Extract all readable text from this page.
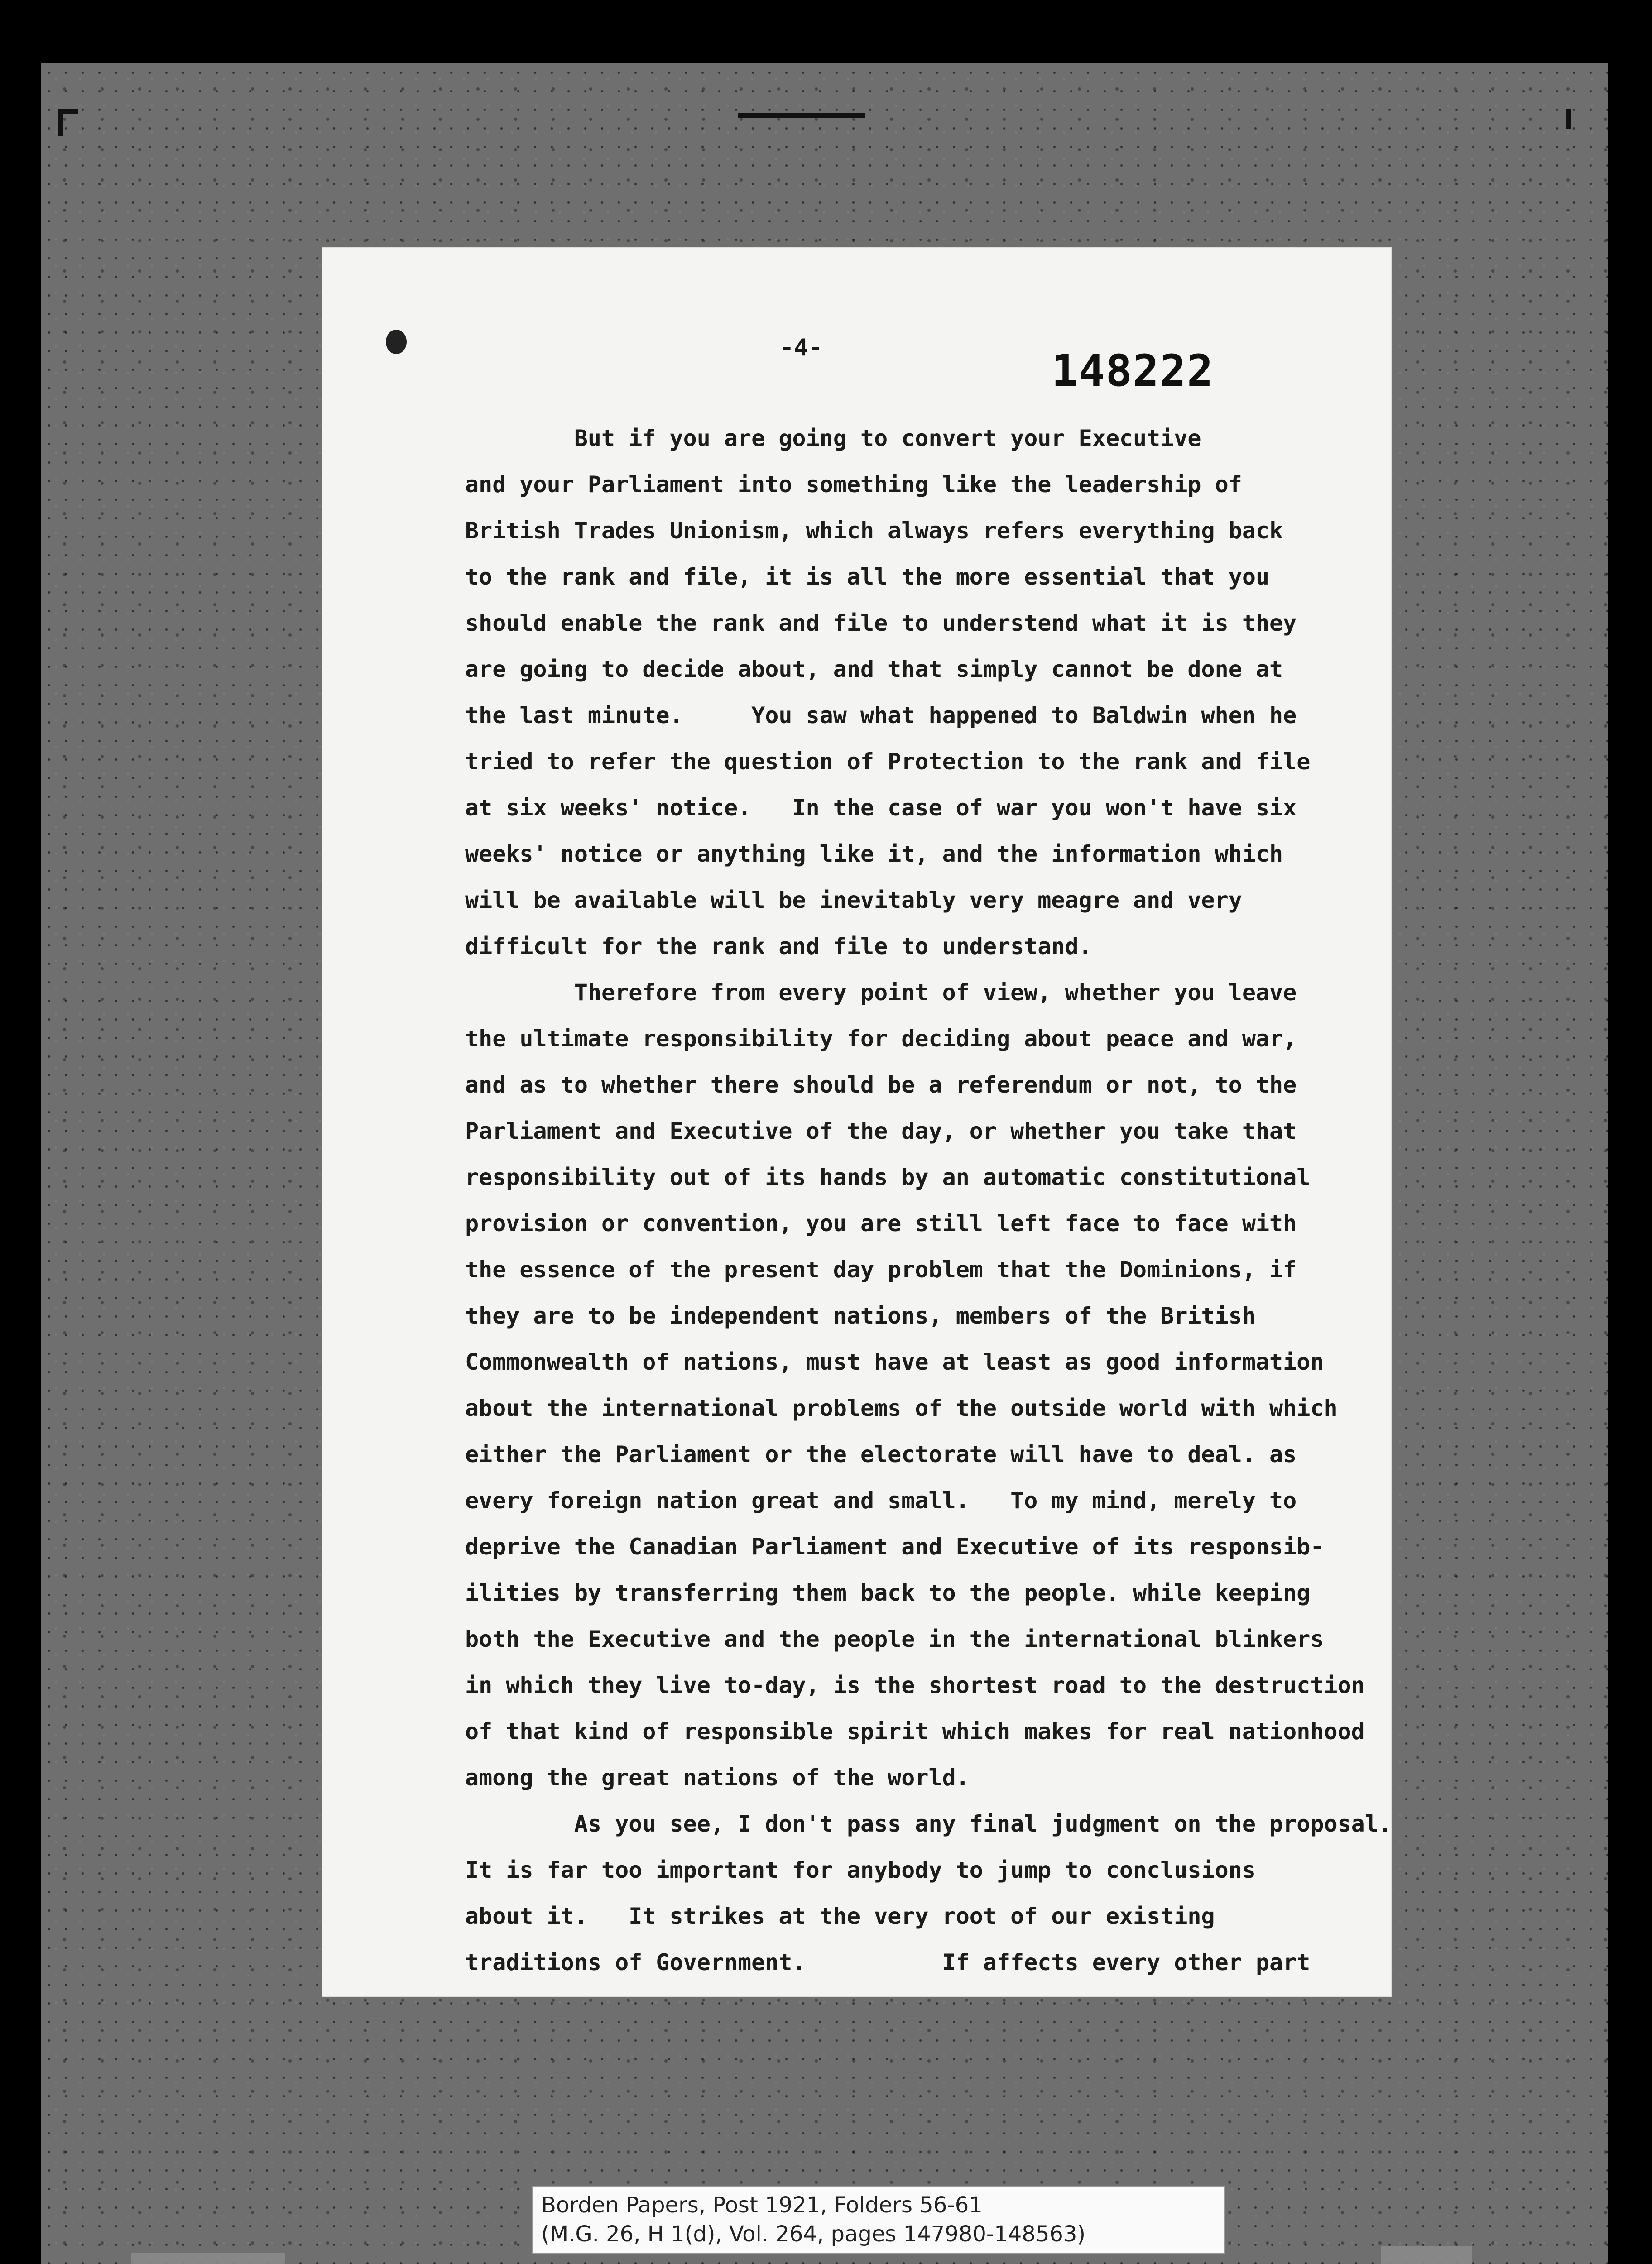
-4-	148222
But if you are going to convert your Executive
and your Parliament into something like the leadership of
British Trades Unionism, which always refers everything back
to the rank and file, it is all the more essential that you
should enable the rank and file to understend what it is they
are going to decide about, and that simply cannot be done at
the last minute.     You saw what happened to Baldwin when he
tried to refer the question of Protection to the rank and file
at six weeks' notice.   In the case of war you won't have six
weeks' notice or anything like it, and the information which
will be available will be inevitably very meagre and very
difficult for the rank and file to understand.
Therefore from every point of view, whether you leave
the ultimate responsibility for deciding about peace and war,
and as to whether there should be a referendum or not, to the
Parliament and Executive of the day, or whether you take that
responsibility out of its hands by an automatic constitutional
provision or convention, you are still left face to face with
the essence of the present day problem that the Dominions, if
they are to be independent nations, members of the British
Commonwealth of nations, must have at least as good information
about the international problems of the outside world with which
either the Parliament or the electorate will have to deal. as
every foreign nation great and small.   To my mind, merely to
deprive the Canadian Parliament and Executive of its responsib-
ilities by transferring them back to the people. while keeping
both the Executive and the people in the international blinkers
in which they live to-day, is the shortest road to the destruction
of that kind of responsible spirit which makes for real nationhood
among the great nations of the world.
As you see, I don't pass any final judgment on the proposal.
It is far too important for anybody to jump to conclusions
about it.   It strikes at the very root of our existing
traditions of Government.          If affects every other part
Borden Papers, Post 1921, Folders 56-61
(M.G. 26, H 1(d), Vol. 264, pages 147980-148563)
